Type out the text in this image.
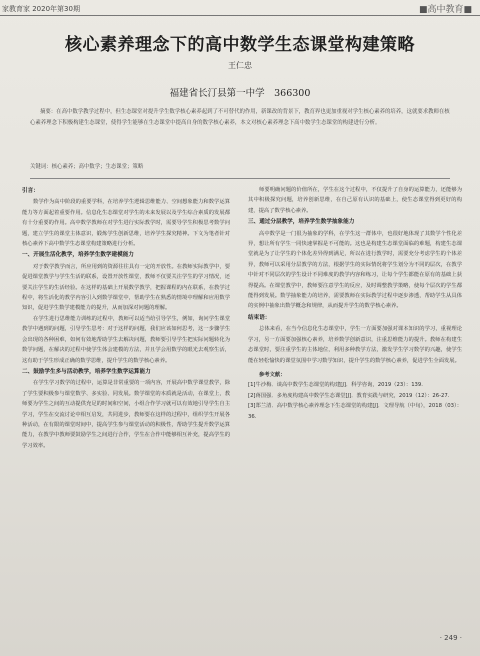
家教育家 2020年第30期	■高中教育■
核心素养理念下的高中数学生态课堂构建策略
王仁忠
福建省长汀县第一中学　366300
摘要：在高中数学教学过程中，但生态课堂对提升学生数学核心素养起到了不可替代的作用，新课改的背景下，教育界也更加重视对学生核心素养的培养，这就要求教师在核心素养理念下积极构建生态课堂，使得学生能够在生态课堂中提高自身的数学核心素养，本文对核心素养理念下高中数学生态课堂的构建进行分析。
关键词：核心素养；高中数学；生态课堂；策略
引言：

数学作为高中阶段的重要学科，在培养学生逻辑思维能力、空间想象能力和数学运算能力等方面起着重要作用。信息化生态课堂对学生的未来发展以及学生综合素质的发展都有十分重要的作用。高中数学教师在对学生进行实际教学时，需要导学生积极思考数学问题，建立学生的课堂主体意识，锻炼学生创新思维，培养学生探究精神。下文为笔者针对核心素养下高中数学生态课堂构建策略进行分析。

一、开展生活化教学，培养学生数学建模能力

对于数学教学而言，所应用到的资源往往具有一定的开放性。在教师实际教学中，要促进课堂教学与学生生活的联系，设置开放性课堂，教师不仅要关注学生的学习情况，还要关注学生的生活经验。在这样的基础上开展数学教学，把握课程的内在联系，在教学过程中，将生活化的教学内容引入到数学课堂中，帮助学生在熟悉的情境中理解和应用数学知识，促进学生数学建模能力的提升，从而加深对问题的理解。

在学生进行思维能力训练的过程中，教师可以适当给引导学生，例如，询问学生课堂教学中遇到的问题，引导学生思考：对于这样的问题，我们应该如何思考，这一步骤学生会出现的各种困难，如何有效地帮助学生去解决问题，教师要引导学生把实际问题转化为数学问题，在解决的过程中使学生体会建模的方法，并且学会用数学的眼光去观察生活，这有助于学生形成正确的数学思维，提升学生的数学核心素养。

二、鼓励学生多与活动教学，培养学生数学运算能力

在学生学习数学的过程中，运算是非常重要的一项内容，开展高中数学课堂教学，除了学生要积极参与课堂数学、多实验、同发展。数学课堂的本质就是活动，在课堂上，教师要为学生之间的互动提供充足的时间和空间，小组合作学习就可以有效地引导学生自主学习，学生在交流讨论中相互启发，共同进步，教师要在这样的过程中，组织学生开展各种活动，在有限的课堂时间中，提高学生参与课堂活动的积极性，帮助学生提升数学运算能力，在教学中教师要鼓励学生之间进行合作，学生在合作中能够相互补充，提高学生的学习效率。

师要明确问题的价值所在，学生在这个过程中，不仅提升了自身的运算能力，还能够为其中积极探究问题，培养创新思维，在自己原有认识的基础上，使生态课堂得到更好的构建，提高了数学核心素养。

三、通过分层教学，培养学生数学抽象能力

高中数学是一门很为抽象的学科，在学生这一群体中，也很好地体现了其数学个性化差异，想让所有学生一同快速掌握是不可能的。这也是构建生态课堂面临的难题，构建生态课堂就是为了让学生的个体化差异得到满足，所以在进行教学时，需要充分考虑学生的个体差异，教师可以采用分层教学的方法，根据学生的实际情况将学生划分为不同的层次，在教学中针对不同层次的学生设计不同难度的教学内容和练习，让每个学生都能在原有的基础上获得提高。在课堂教学中，教师要注意学生的反应，及时调整教学策略，使每个层次的学生都能得到发展。数学抽象能力的培养，需要教师在实际教学过程中逐步渗透，帮助学生从具体的实例中抽象出数学概念和规律，从而提升学生的数学核心素养。

结束语：

总体来看，在当今信息化生态课堂中，学生一方面要加强对课本知识的学习，重视理论学习，另一方面要加强核心素养，培养数学创新意识，注重思维能力的提升。教师在构建生态课堂时，要注重学生的主体地位，利用多种教学方法，激发学生学习数学的兴趣，使学生能在轻松愉快的课堂氛围中学习数学知识，提升学生的数学核心素养，促进学生全面发展。

参考文献：

[1]牛沙梅．谈高中数学生态课堂的构建[J]．科学咨询，2019（23）：139.

[2]蒋国强．多角度构建高中数学生态课堂[J]．教育实践与研究，2019（12）：26-27.

[3]郑兰清．高中数学核心素养理念下生态课堂的构建[J]．文理导航（中旬），2018（03）：36.

· 249 ·
